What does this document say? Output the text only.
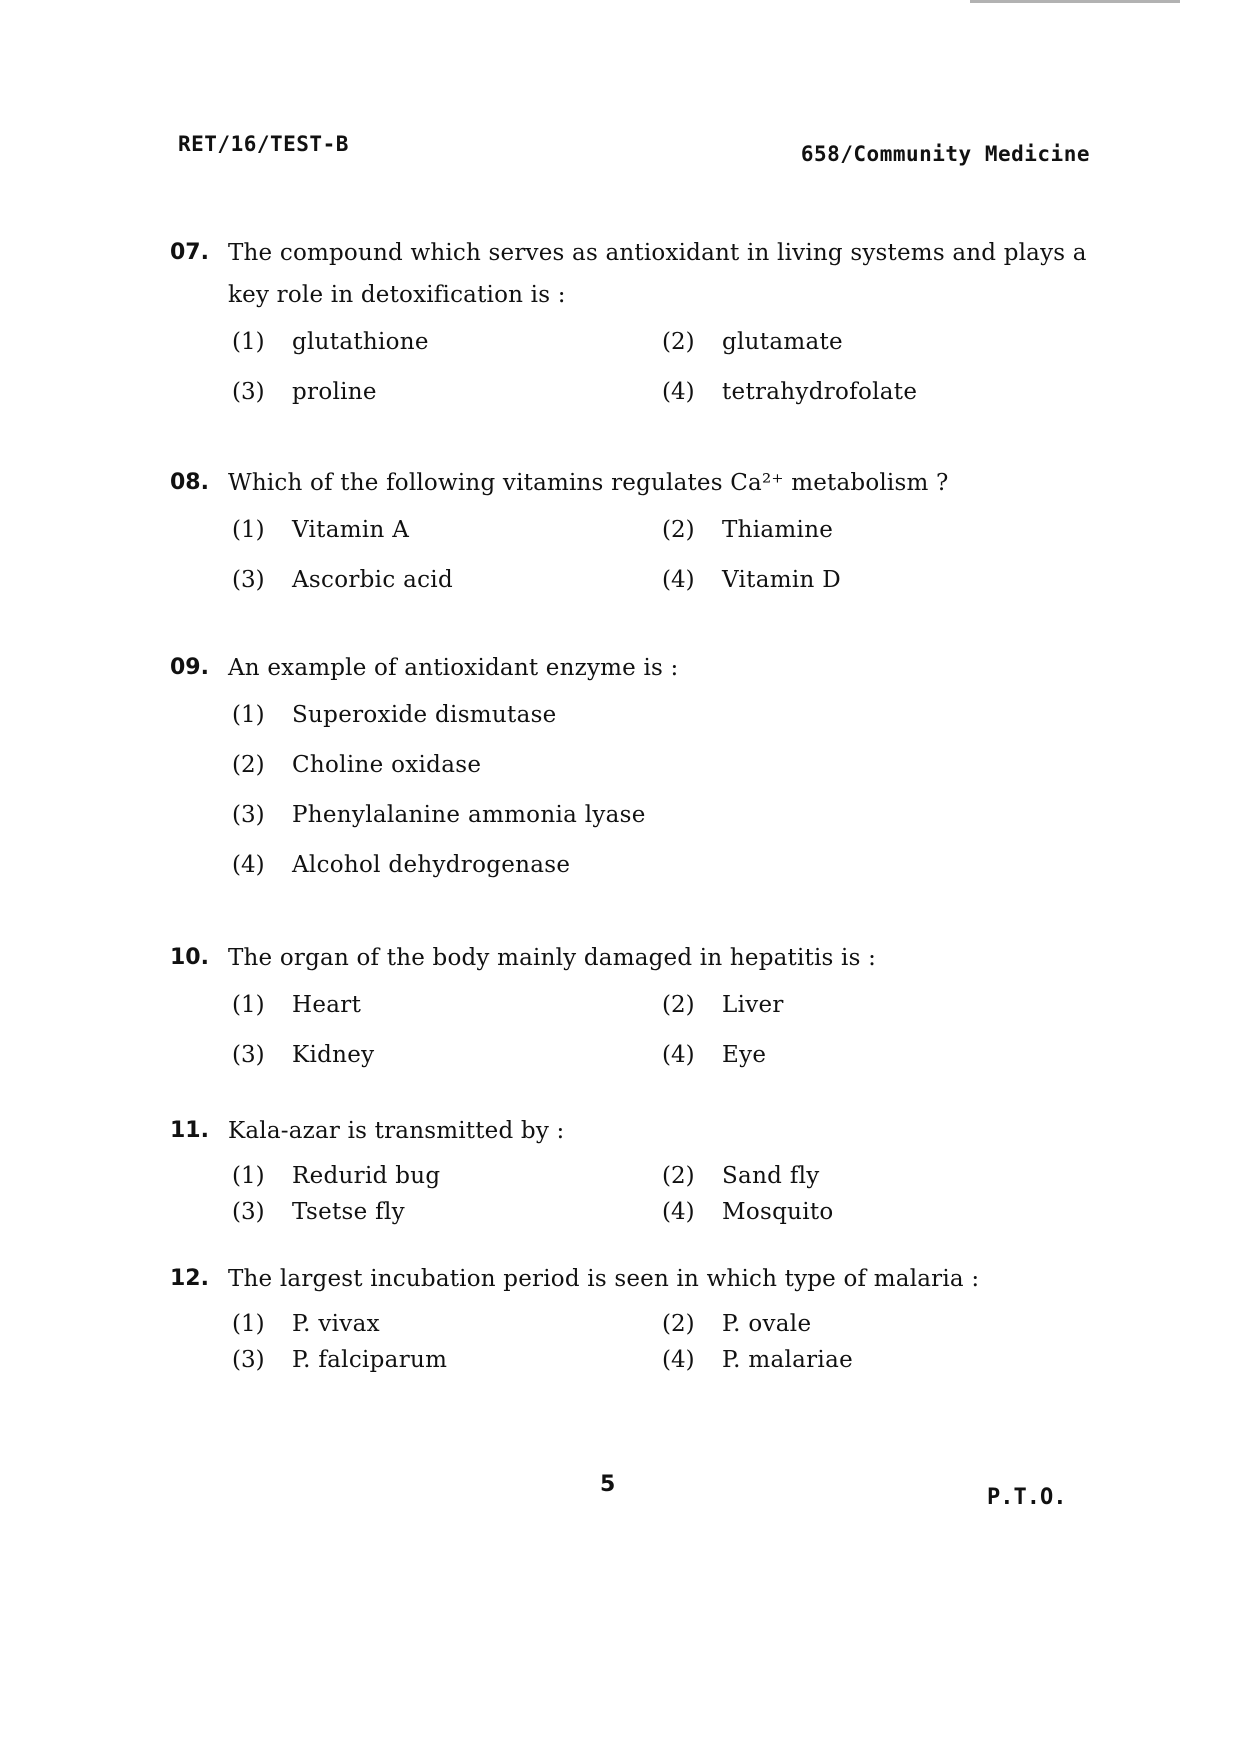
RET/16/TEST-B	658/Community Medicine
07. The compound which serves as antioxidant in living systems and plays a key role in detoxification is :
(1)	glutathione	(2)	glutamate
(3)	proline	(4)	tetrahydrofolate
08. Which of the following vitamins regulates Ca²⁺ metabolism ?
(1)	Vitamin A	(2)	Thiamine
(3)	Ascorbic acid	(4)	Vitamin D
09. An example of antioxidant enzyme is :
(1)	Superoxide dismutase
(2)	Choline oxidase
(3)	Phenylalanine ammonia lyase
(4)	Alcohol dehydrogenase
10. The organ of the body mainly damaged in hepatitis is :
(1)	Heart	(2)	Liver
(3)	Kidney	(4)	Eye
11. Kala-azar is transmitted by :
(1)	Redurid bug	(2)	Sand fly
(3)	Tsetse fly	(4)	Mosquito
12. The largest incubation period is seen in which type of malaria :
(1)	P. vivax	(2)	P. ovale
(3)	P. falciparum	(4)	P. malariae
5
P.T.O.
